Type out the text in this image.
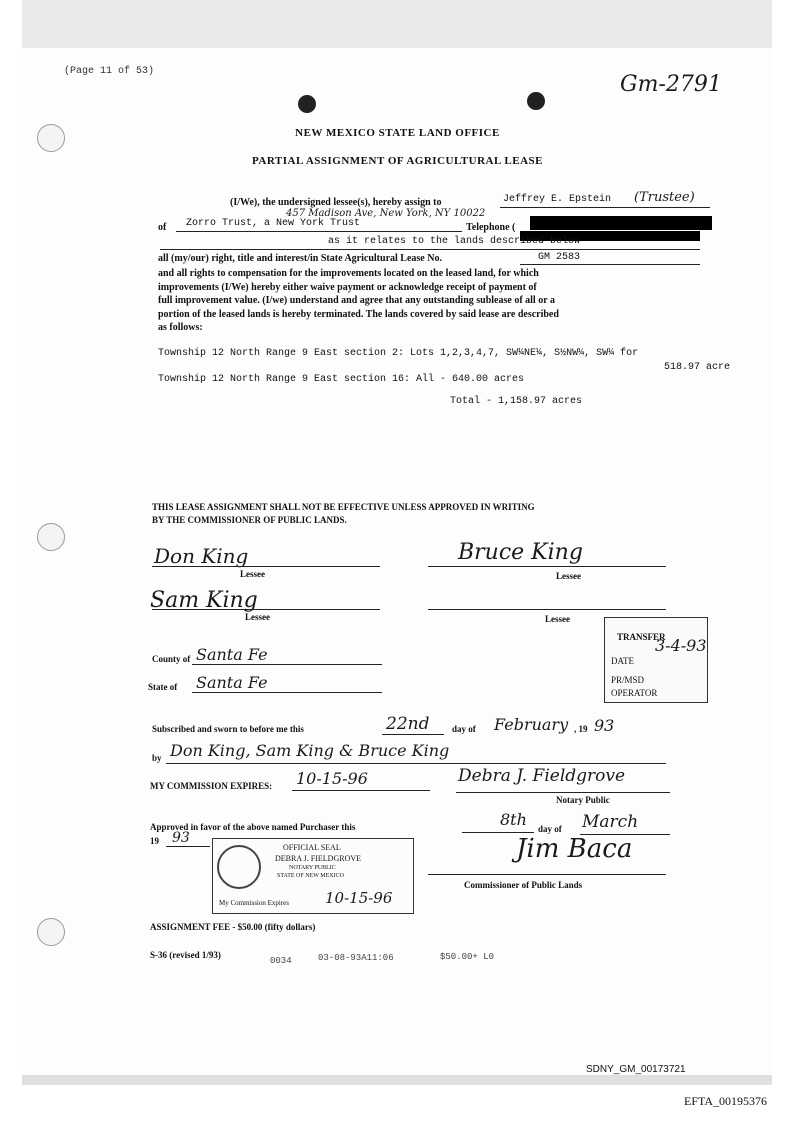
(Page 11 of 53)
Gm-2791
NEW MEXICO STATE LAND OFFICE
PARTIAL ASSIGNMENT OF AGRICULTURAL LEASE
(I/We), the undersigned lessee(s), hereby assign to	Jeffrey E. Epstein (Trustee)
457 Madison Ave, New York, NY 10022
of Zorro Trust, a New York Trust	Telephone (
as it relates to the lands described below
all (my/our) right, title and interest/in State Agricultural Lease No.	GM 2583
and all rights to compensation for the improvements located on the leased land, for which
improvements (I/We) hereby either waive payment or acknowledge receipt of payment of
full improvement value. (I/we) understand and agree that any outstanding sublease of all or a
portion of the leased lands is hereby terminated. The lands covered by said lease are described
as follows:
Township 12 North Range 9 East section 2: Lots 1,2,3,4,7, SW¼NE¼, S½NW¼, SW¼ for
518.97 acre
Township 12 North Range 9 East section 16: All - 640.00 acres
Total - 1,158.97 acres
THIS LEASE ASSIGNMENT SHALL NOT BE EFFECTIVE UNLESS APPROVED IN WRITING
BY THE COMMISSIONER OF PUBLIC LANDS.
Don King
Lessee
Bruce King
Lessee
Sam King
Lessee	Lessee
TRANSFER
3-4-93
DATE
PR/MSD
OPERATOR
County of Santa Fe
State of Santa Fe
Subscribed and sworn to before me this	22nd	day of February , 19 93
by Don King, Sam King & Bruce King
MY COMMISSION EXPIRES: 10-15-96	Debra J. Fieldgrove
Notary Public
Approved in favor of the above named Purchaser this	8th day of March
19 93
OFFICIAL SEAL
DEBRA J. FIELDGROVE
NOTARY PUBLIC
STATE OF NEW MEXICO
My Commission Expires 10-15-96
Jim Baca
Commissioner of Public Lands
ASSIGNMENT FEE - $50.00 (fifty dollars)
S-36 (revised 1/93)
0034	03-08-93A11:06	$50.00+ L0
SDNY_GM_00173721
EFTA_00195376
